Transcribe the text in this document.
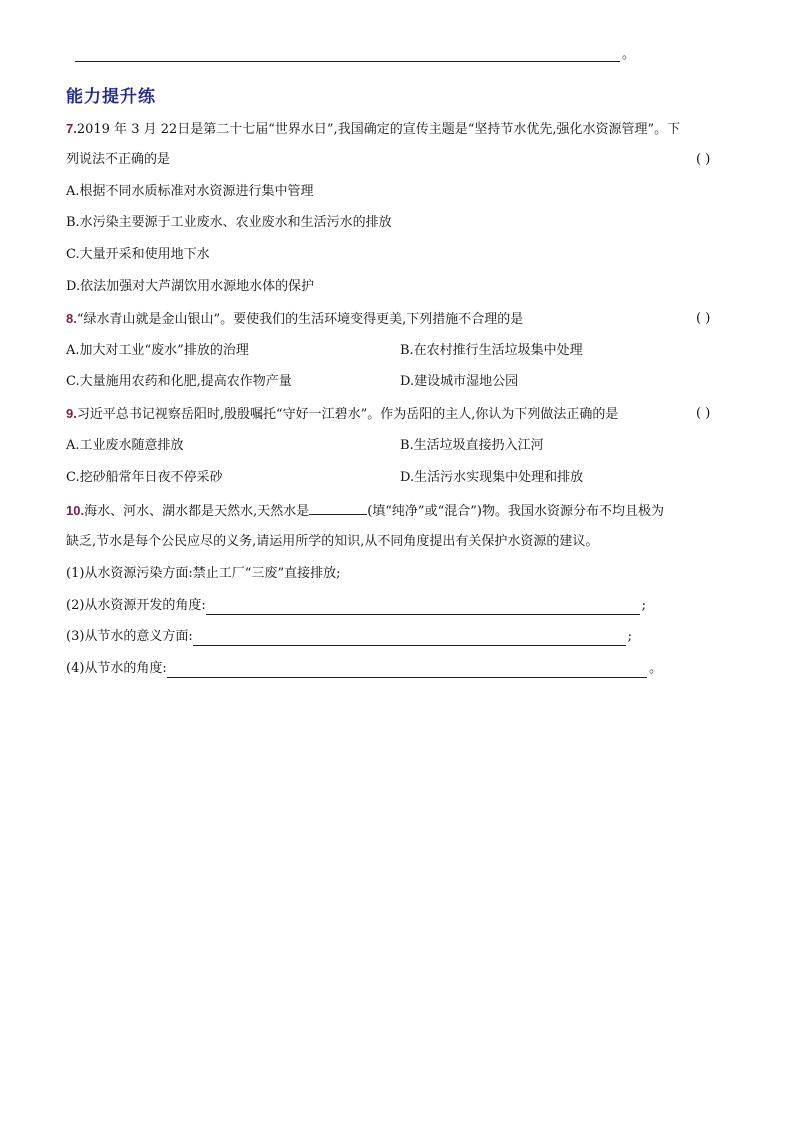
。
能力提升练
7.2019 年 3 月 22日是第二十七届“世界水日”,我国确定的宣传主题是“坚持节水优先,强化水资源管理”。下
列说法不正确的是	( )
A.根据不同水质标准对水资源进行集中管理
B.水污染主要源于工业废水、农业废水和生活污水的排放
C.大量开采和使用地下水
D.依法加强对大芦湖饮用水源地水体的保护
8.“绿水青山就是金山银山”。要使我们的生活环境变得更美,下列措施不合理的是	( )
A.加大对工业“废水”排放的治理	B.在农村推行生活垃圾集中处理
C.大量施用农药和化肥,提高农作物产量	D.建设城市湿地公园
9.习近平总书记视察岳阳时,殷殷嘱托“守好一江碧水”。作为岳阳的主人,你认为下列做法正确的是	( )
A.工业废水随意排放	B.生活垃圾直接扔入江河
C.挖砂船常年日夜不停采砂	D.生活污水实现集中处理和排放
10.海水、河水、湖水都是天然水,天然水是	(填“纯净”或“混合”)物。我国水资源分布不均且极为
缺乏,节水是每个公民应尽的义务,请运用所学的知识,从不同角度提出有关保护水资源的建议。
(1)从水资源污染方面:禁止工厂“三废”直接排放;
(2)从水资源开发的角度:	;
(3)从节水的意义方面:	;
(4)从节水的角度:	。
